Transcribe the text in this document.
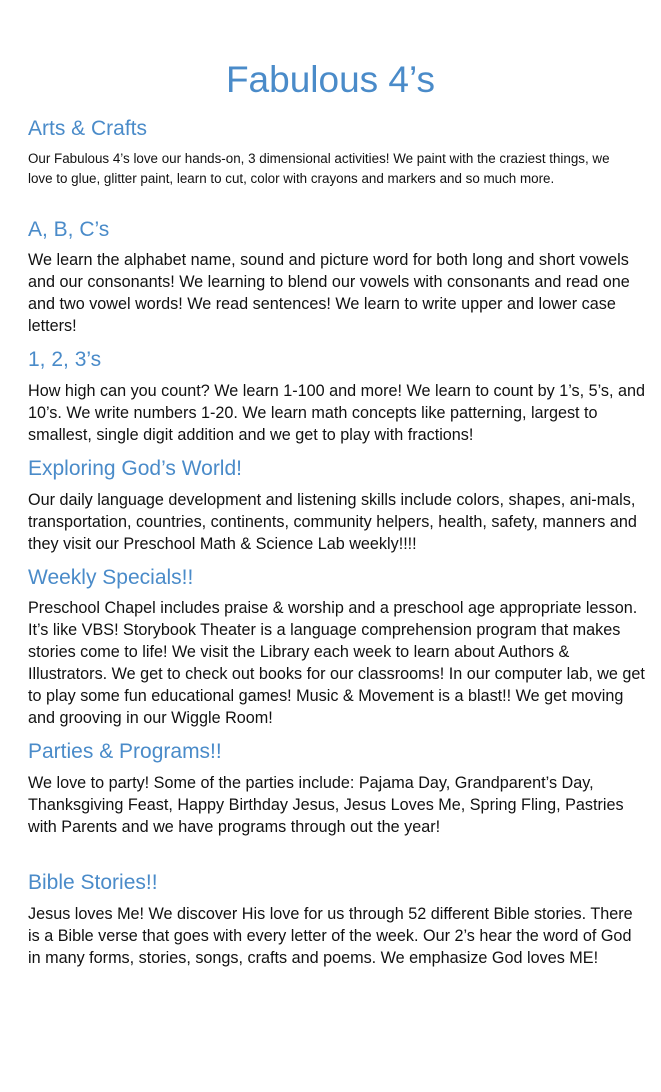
Fabulous 4’s
Arts & Crafts

Our Fabulous 4’s love our hands-on, 3 dimensional activities! We paint with the craziest things, we love to glue, glitter paint, learn to cut, color with crayons and markers and so much more.

A, B, C’s

We learn the alphabet name, sound and picture word for both long and short vowels and our consonants! We learning to blend our vowels with consonants and read one and two vowel words! We read sentences! We learn to write upper and lower case letters!

1, 2, 3’s

How high can you count? We learn 1-100 and more! We learn to count by 1’s, 5’s, and 10’s. We write numbers 1-20. We learn math concepts like patterning, largest to smallest, single digit addition and we get to play with fractions!

Exploring God’s World!

Our daily language development and listening skills include colors, shapes, ani-mals, transportation, countries, continents, community helpers, health, safety, manners and they visit our Preschool Math & Science Lab weekly!!!!

Weekly Specials!!

Preschool Chapel includes praise & worship and a preschool age appropriate lesson. It’s like VBS! Storybook Theater is a language comprehension program that makes stories come to life! We visit the Library each week to learn about Authors & Illustrators. We get to check out books for our classrooms! In our computer lab, we get to play some fun educational games! Music & Movement is a blast!! We get moving and grooving in our Wiggle Room!

Parties & Programs!!

We love to party! Some of the parties include: Pajama Day, Grandparent’s Day, Thanksgiving Feast, Happy Birthday Jesus, Jesus Loves Me, Spring Fling, Pastries with Parents and we have programs through out the year!

Bible Stories!!

Jesus loves Me! We discover His love for us through 52 different Bible stories. There is a Bible verse that goes with every letter of the week. Our 2’s hear the word of God in many forms, stories, songs, crafts and poems. We emphasize God loves ME!
